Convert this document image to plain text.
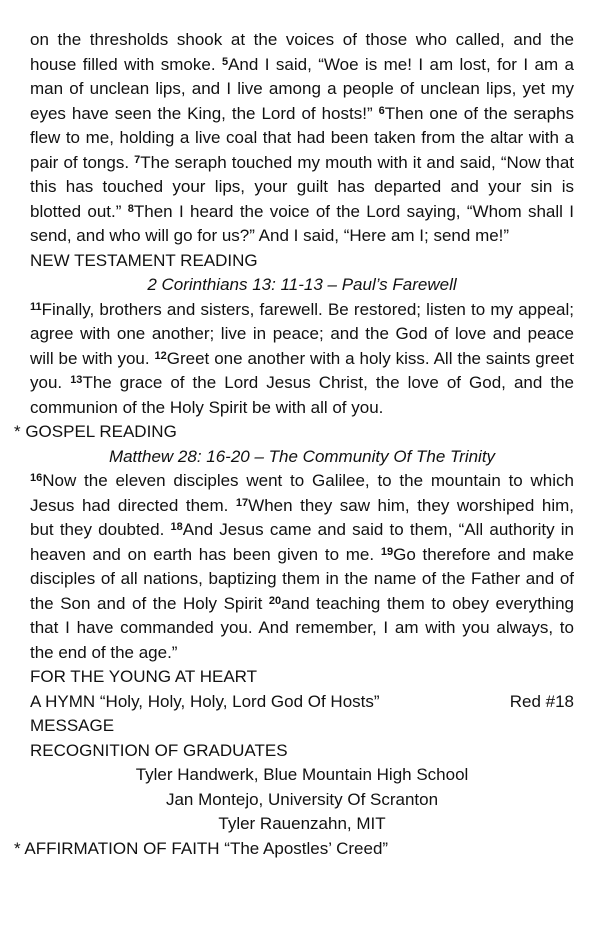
on the thresholds shook at the voices of those who called, and the house filled with smoke. $^5$And I said, “Woe is me! I am lost, for I am a man of unclean lips, and I live among a people of unclean lips, yet my eyes have seen the King, the Lord of hosts!” $^6$Then one of the seraphs flew to me, holding a live coal that had been taken from the altar with a pair of tongs. $^7$The seraph touched my mouth with it and said, “Now that this has touched your lips, your guilt has departed and your sin is blotted out.” $^8$Then I heard the voice of the Lord saying, “Whom shall I send, and who will go for us?” And I said, “Here am I; send me!”

NEW TESTAMENT READING
2 Corinthians 13: 11-13 – Paul’s Farewell

$^{11}$Finally, brothers and sisters, farewell. Be restored; listen to my appeal; agree with one another; live in peace; and the God of love and peace will be with you. $^{12}$Greet one another with a holy kiss. All the saints greet you. $^{13}$The grace of the Lord Jesus Christ, the love of God, and the communion of the Holy Spirit be with all of you.

* GOSPEL READING
Matthew 28: 16-20 – The Community Of The Trinity

$^{16}$Now the eleven disciples went to Galilee, to the mountain to which Jesus had directed them. $^{17}$When they saw him, they worshiped him, but they doubted. $^{18}$And Jesus came and said to them, “All authority in heaven and on earth has been given to me. $^{19}$Go therefore and make disciples of all nations, baptizing them in the name of the Father and of the Son and of the Holy Spirit $^{20}$and teaching them to obey everything that I have commanded you. And remember, I am with you always, to the end of the age.”

FOR THE YOUNG AT HEART
A HYMN “Holy, Holy, Holy, Lord God Of Hosts”	Red #18
MESSAGE
RECOGNITION OF GRADUATES
Tyler Handwerk, Blue Mountain High School
Jan Montejo, University Of Scranton
Tyler Rauenzahn, MIT
* AFFIRMATION OF FAITH “The Apostles’ Creed”
